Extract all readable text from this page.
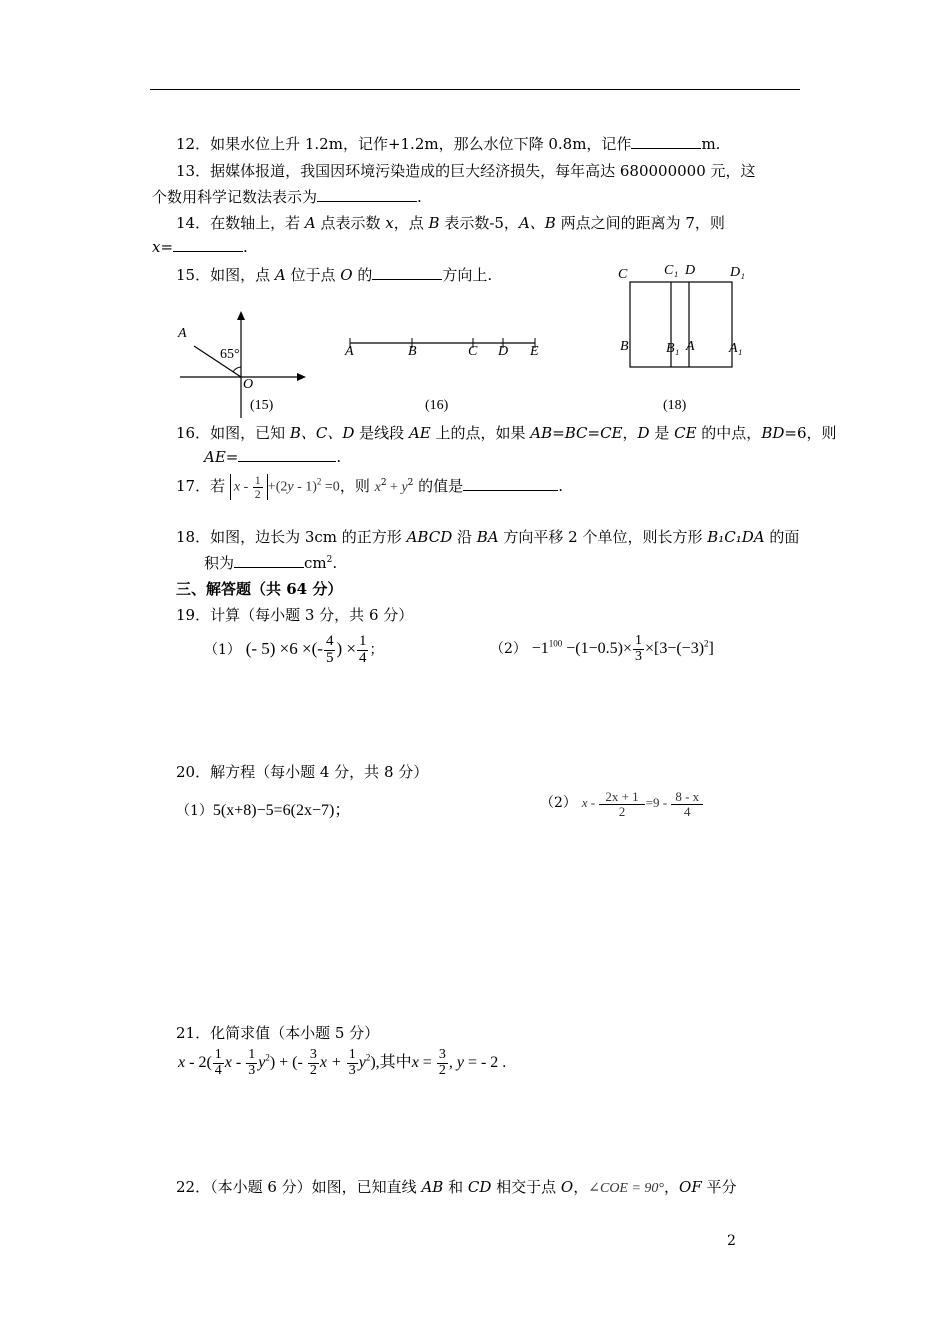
12．如果水位上升 1.2m，记作+1.2m，那么水位下降 0.8m，记作	m.
13．据媒体报道，我国因环境污染造成的巨大经济损失，每年高达 680000000 元，这
个数用科学记数法表示为	.
14．在数轴上，若 A 点表示数 x，点 B 表示数-5，A、B 两点之间的距离为 7，则
x=	.
15．如图，点 A 位于点 O 的	方向上.
A
65°
O
(15)
A	B	C D E
(16)
C	C₁ D D₁
B	B₁ A A₁
(18)
16．如图，已知 B、C、D 是线段 AE 上的点，如果 AB=BC=CE，D 是 CE 的中点，BD=6，则
AE=	.
17．若 $x - \frac{1}{2} +(2y - 1)^2 =0$，则 $x^2 + y^2$ 的值是	.
18．如图，边长为 3cm 的正方形 ABCD 沿 BA 方向平移 2 个单位，则长方形 B₁C₁DA 的面
积为	$cm^2$.
三、解答题（共 64 分）
19．计算（每小题 3 分，共 6 分）
（1） (- 5) ×6 ×(- $\frac{4}{5}$ ) × $\frac{1}{4}$ ；	$(2) -1^{100} -(1-0.5)\times \frac{1}{3} \times[3-(-3)^2]$
20．解方程（每小题 4 分，共 8 分）
（1）5(x+8)−5=6(2x−7)；	（2） $x - \frac{2x + 1}{2} =9 - \frac{8 - x}{4}$
21．化简求值（本小题 5 分）
x - $2( \frac{1}{4}$ x - $\frac{1}{3} y^2$) + (- $\frac{3}{2}$ $x + \frac{1}{3} y^2$),其中$x = \frac{3}{2}$ , y = - 2 .
22．（本小题 6 分）如图，已知直线 AB 和 CD 相交于点 O，∠COE = 90°，OF 平分
2
